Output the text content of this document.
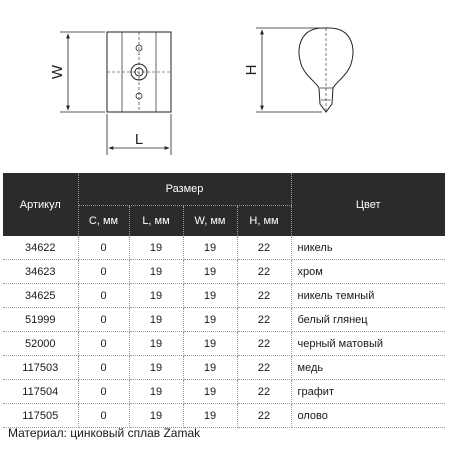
W
L
H
Артикул	Размер				Цвет
	C, мм	L, мм	W, мм	H, мм	
34622	0	19	19	22	никель
34623	0	19	19	22	хром
34625	0	19	19	22	никель темный
51999	0	19	19	22	белый глянец
52000	0	19	19	22	черный матовый
117503	0	19	19	22	медь
117504	0	19	19	22	графит
117505	0	19	19	22	олово
Материал: цинковый сплав Zamak
